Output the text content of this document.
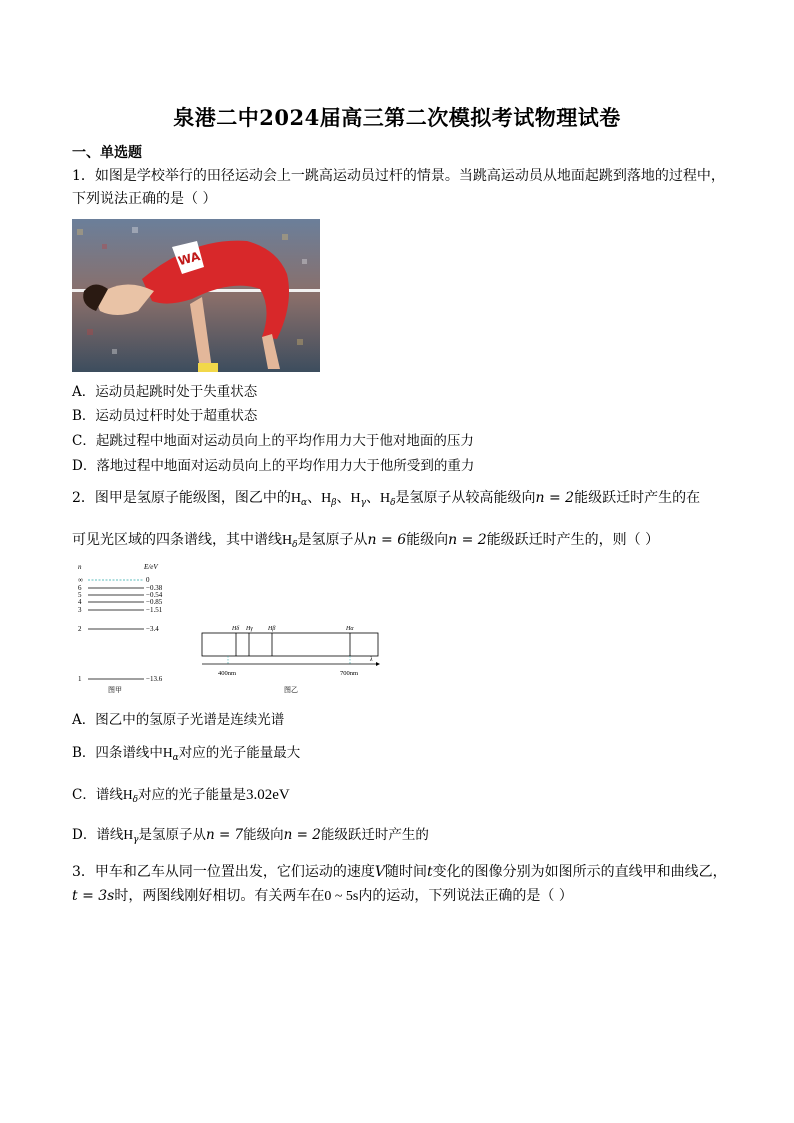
泉港二中2024届高三第二次模拟考试物理试卷
一、单选题
1．如图是学校举行的田径运动会上一跳高运动员过杆的情景。当跳高运动员从地面起跳到落地的过程中，
下列说法正确的是（ ）
WA
A．运动员起跳时处于失重状态
B．运动员过杆时处于超重状态
C．起跳过程中地面对运动员向上的平均作用力大于他对地面的压力
D．落地过程中地面对运动员向上的平均作用力大于他所受到的重力
2．图甲是氢原子能级图，图乙中的$H_\alpha$、$H_\beta$、$H_\gamma$、$H_\delta$是氢原子从较高能级向n = 2能级跃迁时产生的在
可见光区域的四条谱线，其中谱线$H_\delta$是氢原子从n = 6能级向n = 2能级跃迁时产生的，则（ ）
n	E/eV
∞	0
6	−0.38
5	−0.54
4	−0.85
3	−1.51
2	−3.4
1	−13.6
图甲
Hδ Hγ	Hβ	Hα
λ
400nm	700nm
图乙
A．图乙中的氢原子光谱是连续光谱
B．四条谱线中$H_\alpha$对应的光子能量最大
C．谱线$H_\delta$对应的光子能量是3.02eV
D．谱线$H_\gamma$是氢原子从n = 7能级向n = 2能级跃迁时产生的
3．甲车和乙车从同一位置出发，它们运动的速度V随时间t变化的图像分别为如图所示的直线甲和曲线乙，
t = 3s时，两图线刚好相切。有关两车在0 ~ 5s内的运动，下列说法正确的是（ ）
